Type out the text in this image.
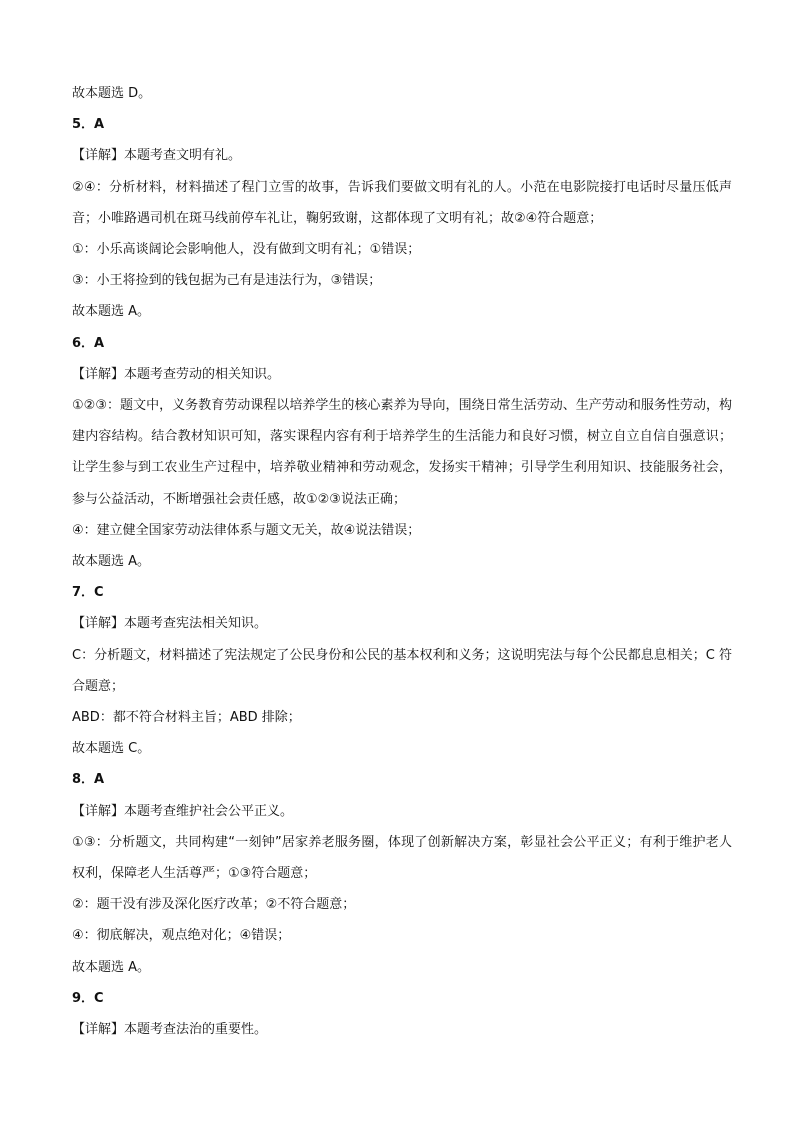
故本题选 D。

5．A

【详解】本题考查文明有礼。

②④：分析材料，材料描述了程门立雪的故事，告诉我们要做文明有礼的人。小范在电影院接打电话时尽量压低声音；小唯路遇司机在斑马线前停车礼让，鞠躬致谢，这都体现了文明有礼；故②④符合题意；

①：小乐高谈阔论会影响他人，没有做到文明有礼；①错误；

③：小王将捡到的钱包据为己有是违法行为，③错误；

故本题选 A。

6．A

【详解】本题考查劳动的相关知识。

①②③：题文中，义务教育劳动课程以培养学生的核心素养为导向，围绕日常生活劳动、生产劳动和服务性劳动，构建内容结构。结合教材知识可知，落实课程内容有利于培养学生的生活能力和良好习惯，树立自立自信自强意识；让学生参与到工农业生产过程中，培养敬业精神和劳动观念，发扬实干精神；引导学生利用知识、技能服务社会，参与公益活动，不断增强社会责任感，故①②③说法正确；

④：建立健全国家劳动法律体系与题文无关，故④说法错误；

故本题选 A。

7．C

【详解】本题考查宪法相关知识。

C：分析题文，材料描述了宪法规定了公民身份和公民的基本权利和义务；这说明宪法与每个公民都息息相关；C 符合题意；

ABD：都不符合材料主旨；ABD 排除；

故本题选 C。

8．A

【详解】本题考查维护社会公平正义。

①③：分析题文，共同构建“一刻钟”居家养老服务圈，体现了创新解决方案，彰显社会公平正义；有利于维护老人权利，保障老人生活尊严；①③符合题意；

②：题干没有涉及深化医疗改革；②不符合题意；

④：彻底解决，观点绝对化；④错误；

故本题选 A。

9．C

【详解】本题考查法治的重要性。
